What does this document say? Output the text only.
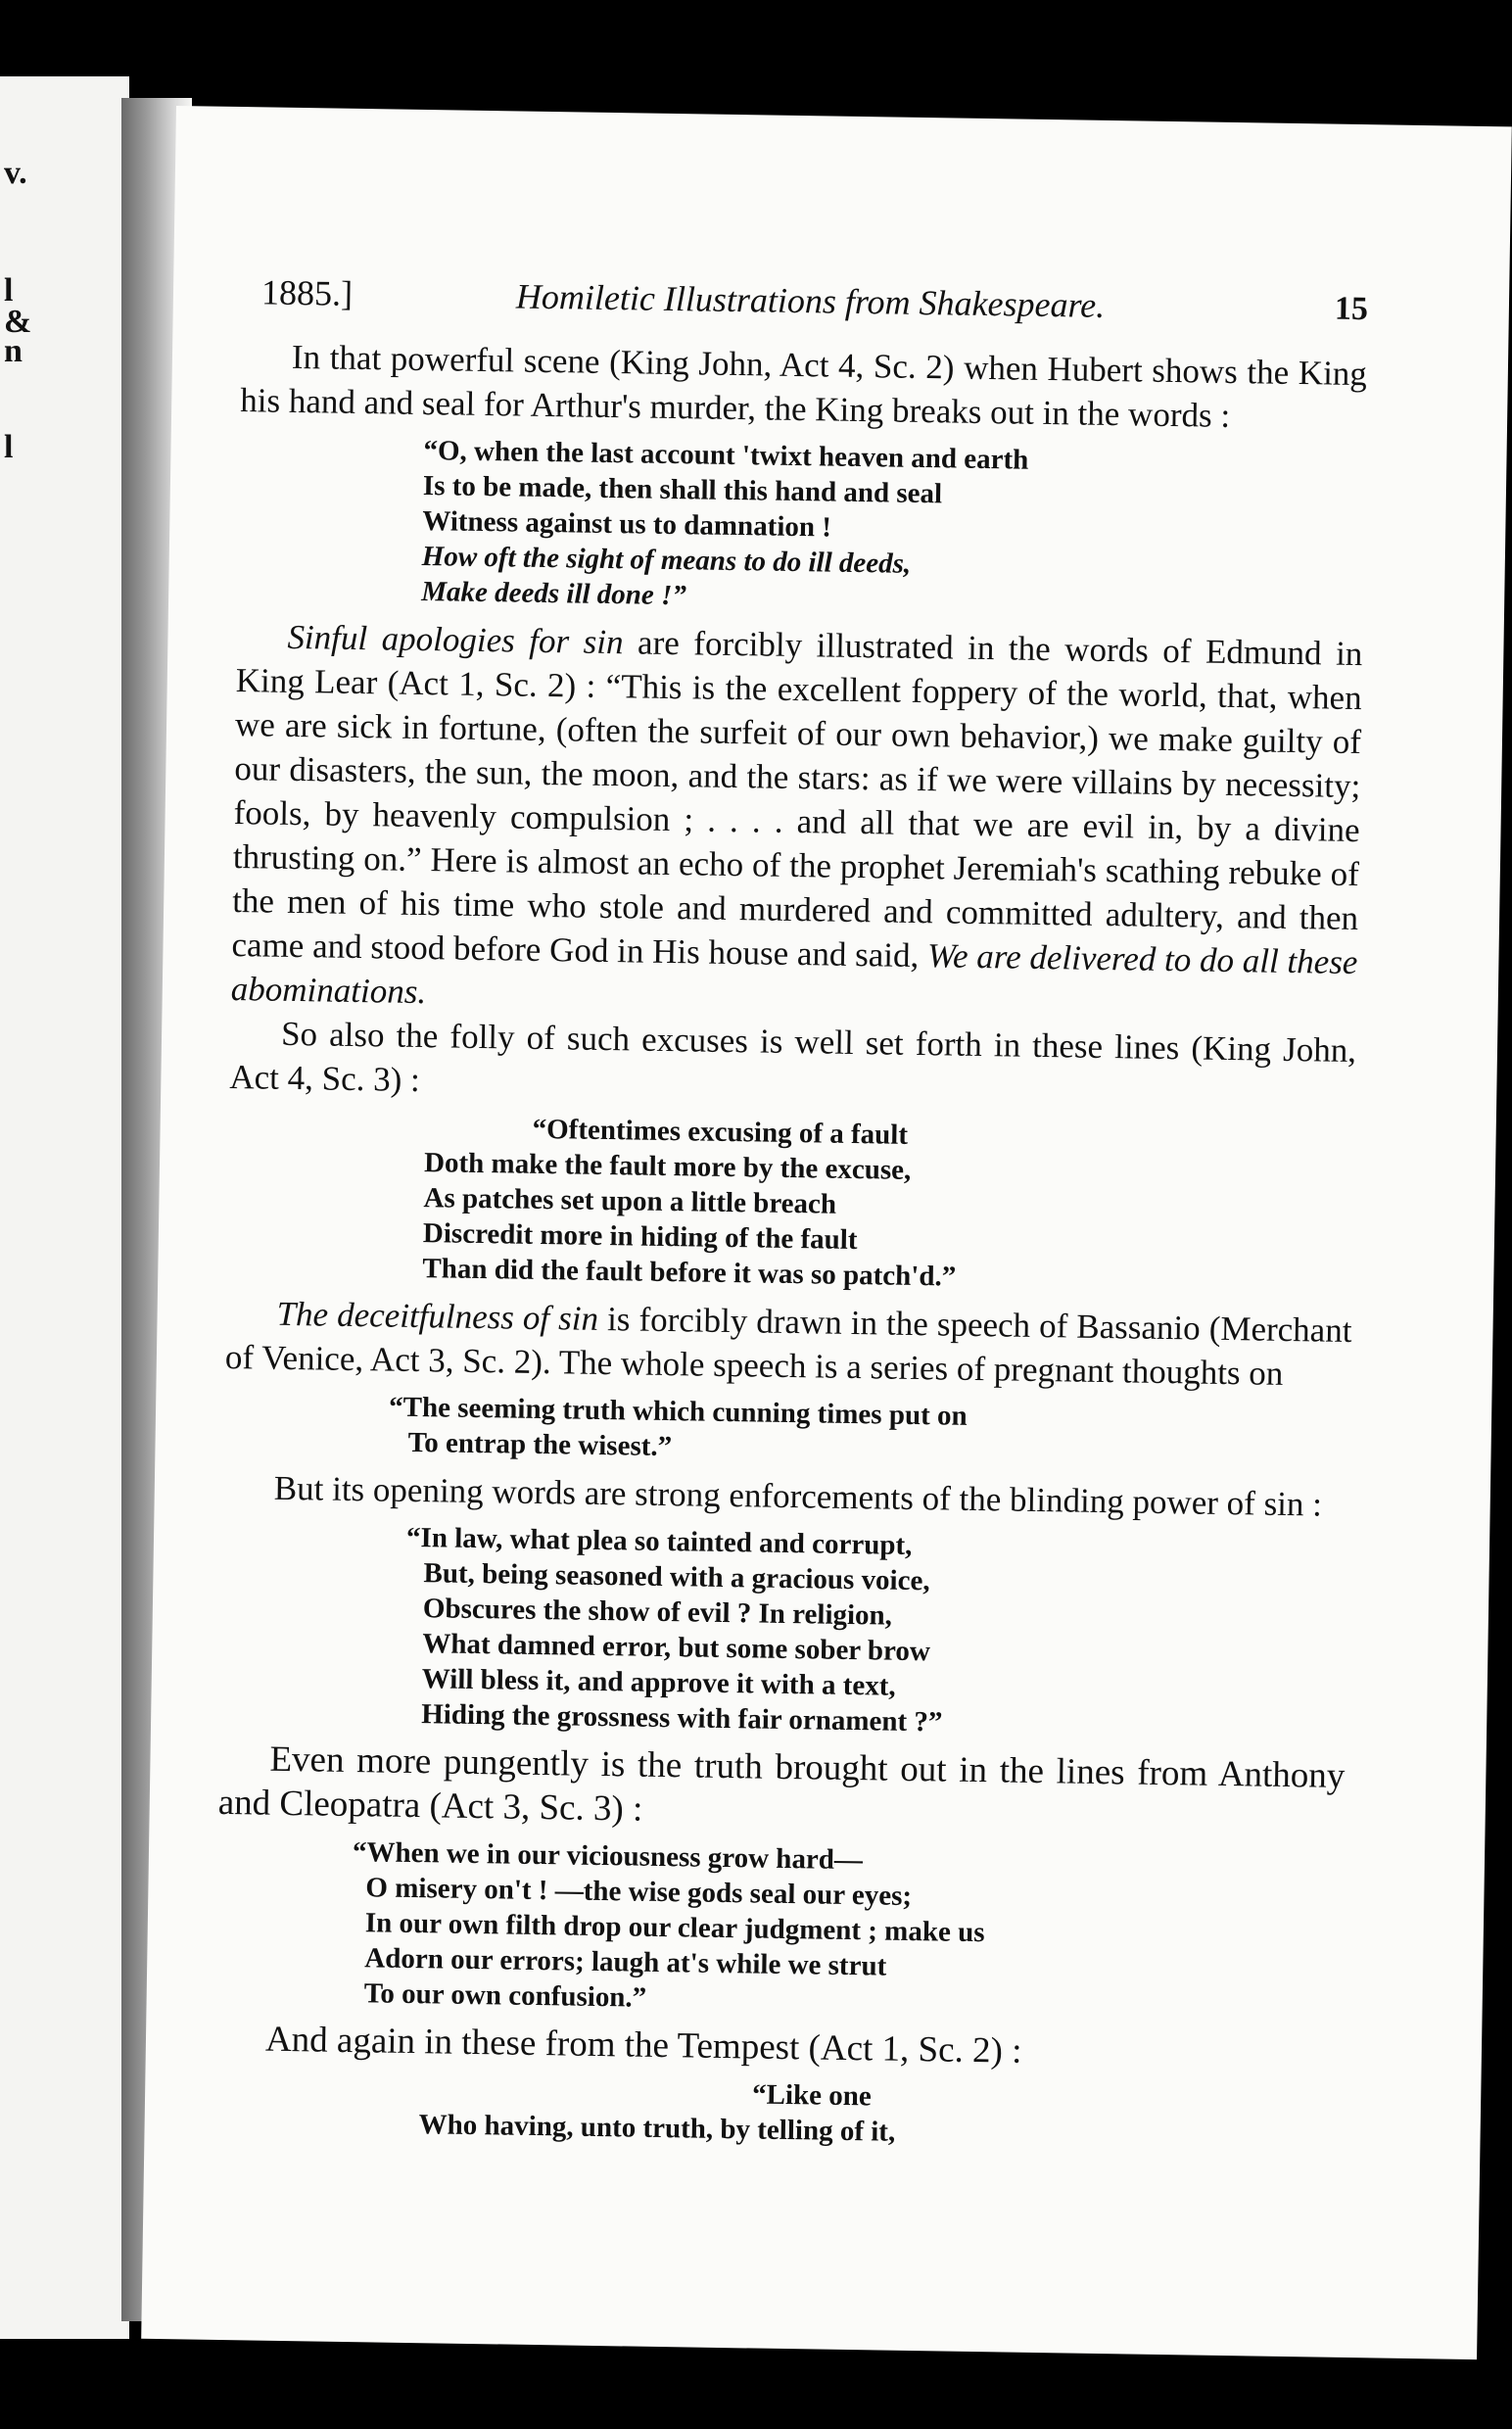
v.
l
&
n
l
1885.]	Homiletic Illustrations from Shakespeare.	15

In that powerful scene (King John, Act 4, Sc. 2) when Hubert shows the King his hand and seal for Arthur's murder, the King breaks out in the words :

“O, when the last account 'twixt heaven and earth
Is to be made, then shall this hand and seal
Witness against us to damnation !
How oft the sight of means to do ill deeds,
Make deeds ill done !”

Sinful apologies for sin are forcibly illustrated in the words of Edmund in King Lear (Act 1, Sc. 2) : “This is the excellent foppery of the world, that, when we are sick in fortune, (often the surfeit of our own behavior,) we make guilty of our disasters, the sun, the moon, and the stars: as if we were villains by necessity; fools, by heavenly compulsion ; . . . . and all that we are evil in, by a divine thrusting on.” Here is almost an echo of the prophet Jeremiah's scathing rebuke of the men of his time who stole and murdered and committed adultery, and then came and stood before God in His house and said, We are delivered to do all these abominations.

So also the folly of such excuses is well set forth in these lines (King John, Act 4, Sc. 3) :

“Oftentimes excusing of a fault
Doth make the fault more by the excuse,
As patches set upon a little breach
Discredit more in hiding of the fault
Than did the fault before it was so patch'd.”

The deceitfulness of sin is forcibly drawn in the speech of Bassanio (Merchant of Venice, Act 3, Sc. 2). The whole speech is a series of pregnant thoughts on

“The seeming truth which cunning times put on
To entrap the wisest.”

But its opening words are strong enforcements of the blinding power of sin :

“In law, what plea so tainted and corrupt,
But, being seasoned with a gracious voice,
Obscures the show of evil ? In religion,
What damned error, but some sober brow
Will bless it, and approve it with a text,
Hiding the grossness with fair ornament ?”

Even more pungently is the truth brought out in the lines from Anthony and Cleopatra (Act 3, Sc. 3) :

“When we in our viciousness grow hard—
O misery on't ! —the wise gods seal our eyes;
In our own filth drop our clear judgment ; make us
Adorn our errors; laugh at's while we strut
To our own confusion.”

And again in these from the Tempest (Act 1, Sc. 2) :

“Like one
Who having, unto truth, by telling of it,
